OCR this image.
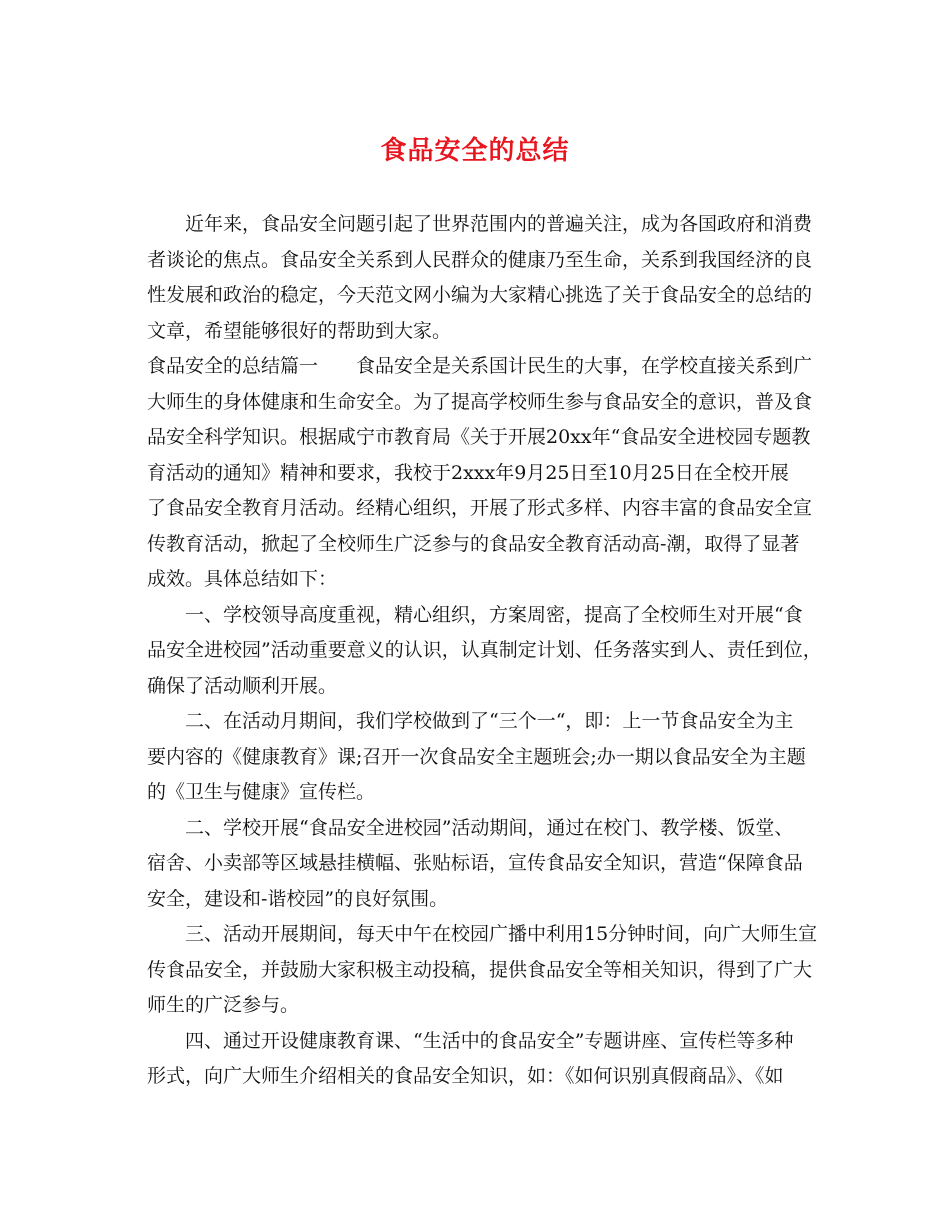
食品安全的总结
近年来，食品安全问题引起了世界范围内的普遍关注，成为各国政府和消费
者谈论的焦点。食品安全关系到人民群众的健康乃至生命，关系到我国经济的良
性发展和政治的稳定，今天范文网小编为大家精心挑选了关于食品安全的总结的
文章，希望能够很好的帮助到大家。
食品安全的总结篇一 食品安全是关系国计民生的大事，在学校直接关系到广
大师生的身体健康和生命安全。为了提高学校师生参与食品安全的意识，普及食
品安全科学知识。根据咸宁市教育局《关于开展20xx年“食品安全进校园专题教
育活动的通知》精神和要求，我校于2xxx年9月25日至10月25日在全校开展
了食品安全教育月活动。经精心组织，开展了形式多样、内容丰富的食品安全宣
传教育活动，掀起了全校师生广泛参与的食品安全教育活动高-潮，取得了显著
成效。具体总结如下：
一、学校领导高度重视，精心组织，方案周密，提高了全校师生对开展“食
品安全进校园”活动重要意义的认识，认真制定计划、任务落实到人、责任到位，
确保了活动顺利开展。
二、在活动月期间，我们学校做到了“三个一“，即：上一节食品安全为主
要内容的《健康教育》课;召开一次食品安全主题班会;办一期以食品安全为主题
的《卫生与健康》宣传栏。
二、学校开展“食品安全进校园”活动期间，通过在校门、教学楼、饭堂、
宿舍、小卖部等区域悬挂横幅、张贴标语，宣传食品安全知识，营造“保障食品
安全，建设和-谐校园”的良好氛围。
三、活动开展期间，每天中午在校园广播中利用15分钟时间，向广大师生宣
传食品安全，并鼓励大家积极主动投稿，提供食品安全等相关知识，得到了广大
师生的广泛参与。
四、通过开设健康教育课、“生活中的食品安全”专题讲座、宣传栏等多种
形式，向广大师生介绍相关的食品安全知识，如：《如何识别真假商品》、《如
